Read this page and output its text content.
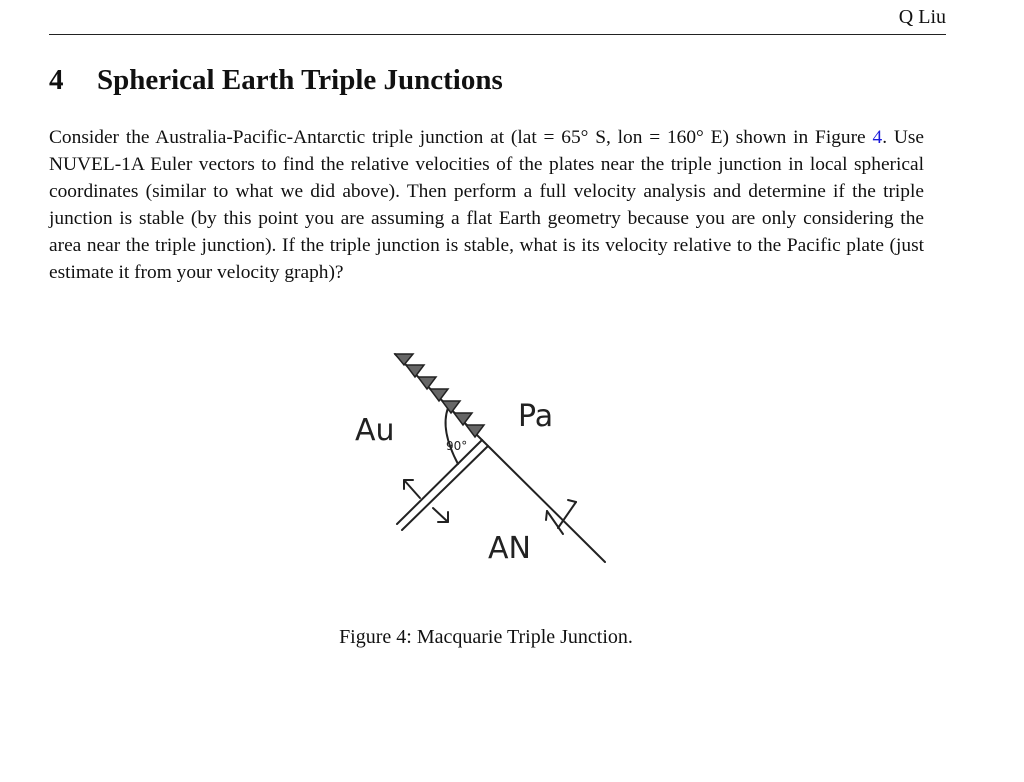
Q Liu
4 Spherical Earth Triple Junctions

Consider the Australia-Pacific-Antarctic triple junction at (lat = 65° S, lon = 160° E) shown in Figure 4. Use NUVEL-1A Euler vectors to find the relative velocities of the plates near the triple junction in local spherical coordinates (similar to what we did above). Then perform a full velocity analysis and determine if the triple junction is stable (by this point you are assuming a flat Earth geometry because you are only considering the area near the triple junction). If the triple junction is stable, what is its velocity relative to the Pacific plate (just estimate it from your velocity graph)?

Au	Pa
AN
90°
Figure 4: Macquarie Triple Junction.
